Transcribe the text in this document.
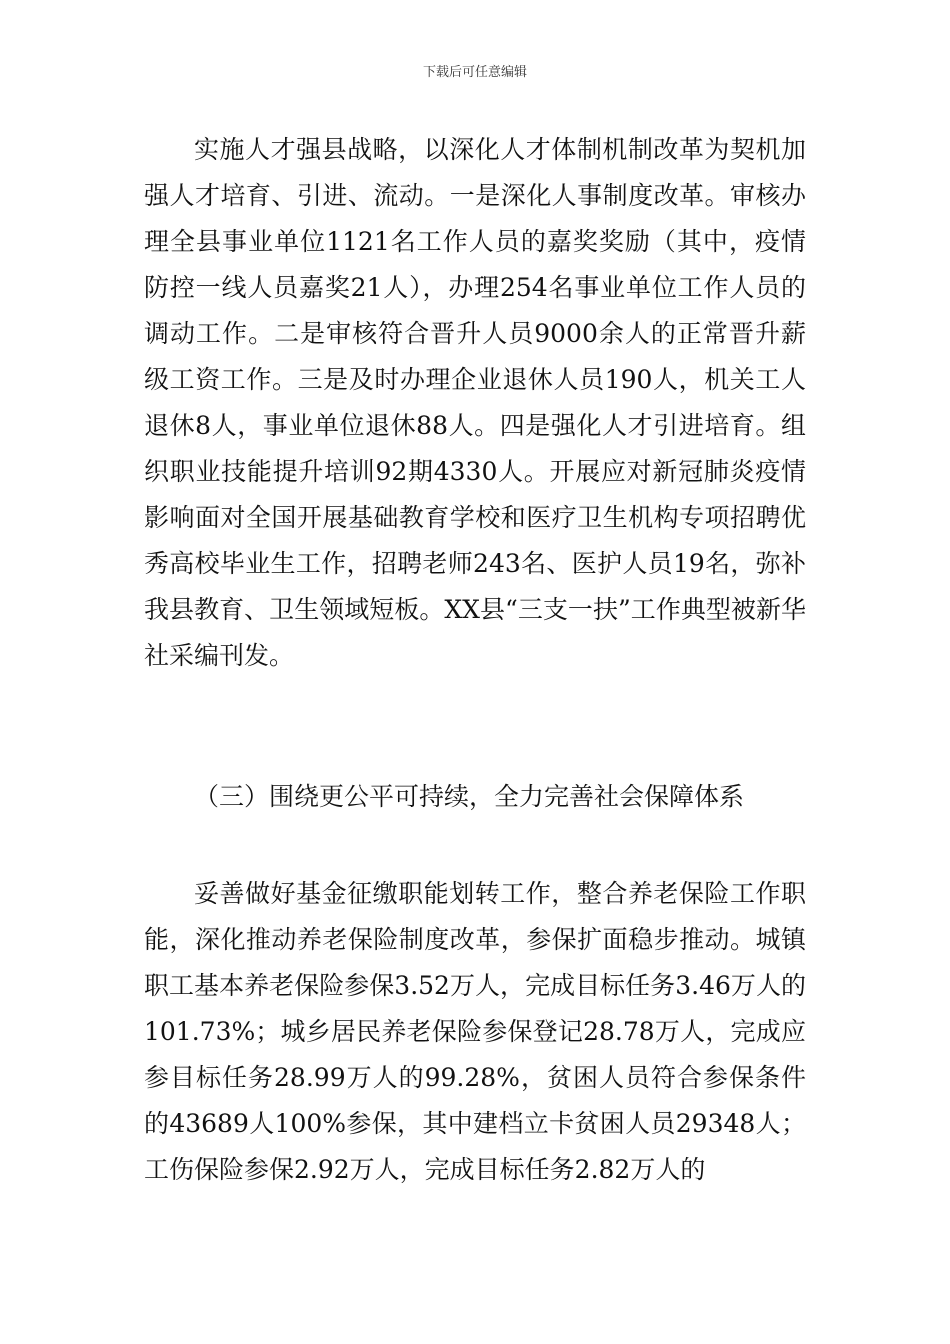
下载后可任意编辑

实施人才强县战略，以深化人才体制机制改革为契机加强人才培育、引进、流动。一是深化人事制度改革。审核办理全县事业单位1121名工作人员的嘉奖奖励（其中，疫情防控一线人员嘉奖21人），办理254名事业单位工作人员的调动工作。二是审核符合晋升人员9000余人的正常晋升薪级工资工作。三是及时办理企业退休人员190人，机关工人退休8人，事业单位退休88人。四是强化人才引进培育。组织职业技能提升培训92期4330人。开展应对新冠肺炎疫情影响面对全国开展基础教育学校和医疗卫生机构专项招聘优秀高校毕业生工作，招聘老师243名、医护人员19名，弥补我县教育、卫生领域短板。XX县“三支一扶”工作典型被新华社采编刊发。

（三）围绕更公平可持续，全力完善社会保障体系

妥善做好基金征缴职能划转工作，整合养老保险工作职能，深化推动养老保险制度改革，参保扩面稳步推动。城镇职工基本养老保险参保3.52万人，完成目标任务3.46万人的101.73%；城乡居民养老保险参保登记28.78万人，完成应参目标任务28.99万人的99.28%，贫困人员符合参保条件的43689人100%参保，其中建档立卡贫困人员29348人；工伤保险参保2.92万人，完成目标任务2.82万人的
